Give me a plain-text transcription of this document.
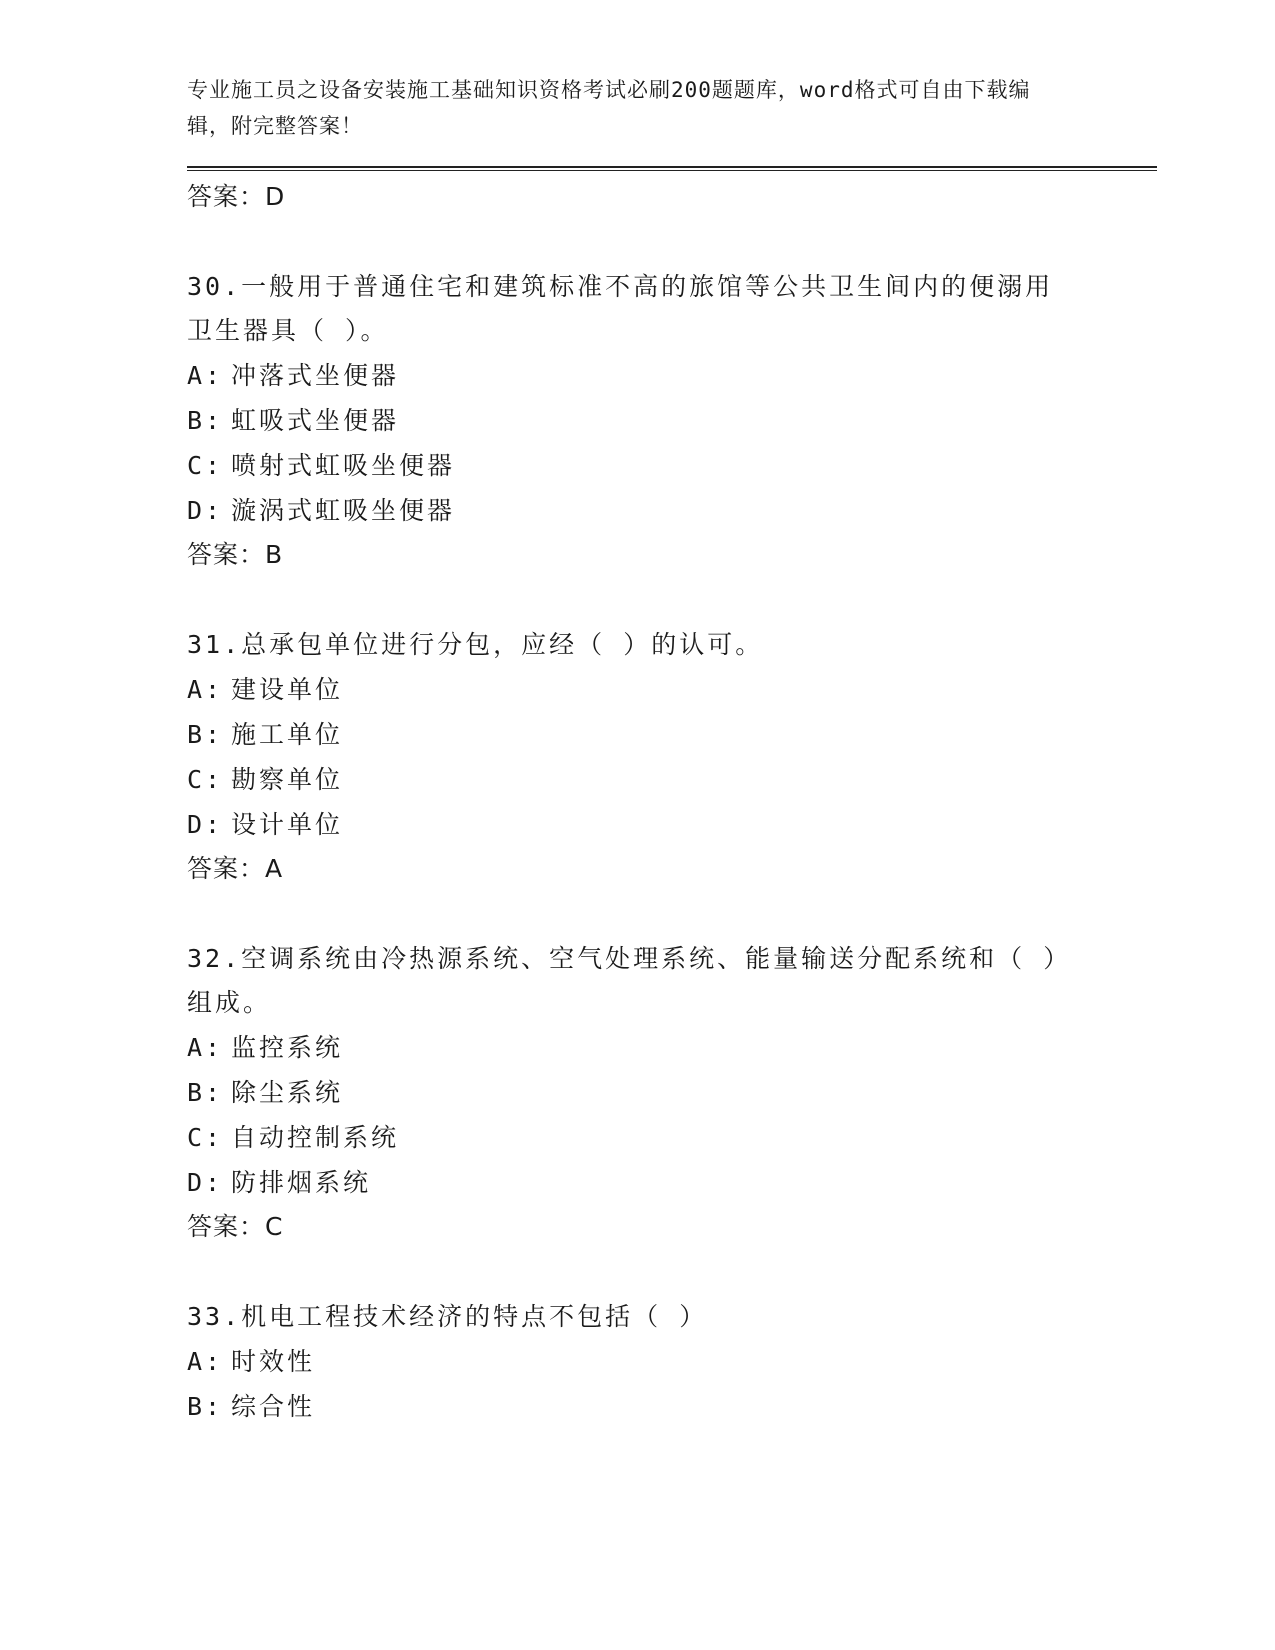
专业施工员之设备安装施工基础知识资格考试必刷200题题库，word格式可自由下载编辑，附完整答案！

答案：D

30.一般用于普通住宅和建筑标准不高的旅馆等公共卫生间内的便溺用卫生器具（ ）。

A: 冲落式坐便器
B: 虹吸式坐便器
C: 喷射式虹吸坐便器
D: 漩涡式虹吸坐便器
答案：B

31.总承包单位进行分包，应经（ ）的认可。

A: 建设单位
B: 施工单位
C: 勘察单位
D: 设计单位
答案：A

32.空调系统由冷热源系统、空气处理系统、能量输送分配系统和（ ）组成。

A: 监控系统
B: 除尘系统
C: 自动控制系统
D: 防排烟系统
答案：C

33.机电工程技术经济的特点不包括（ ）

A: 时效性
B: 综合性
